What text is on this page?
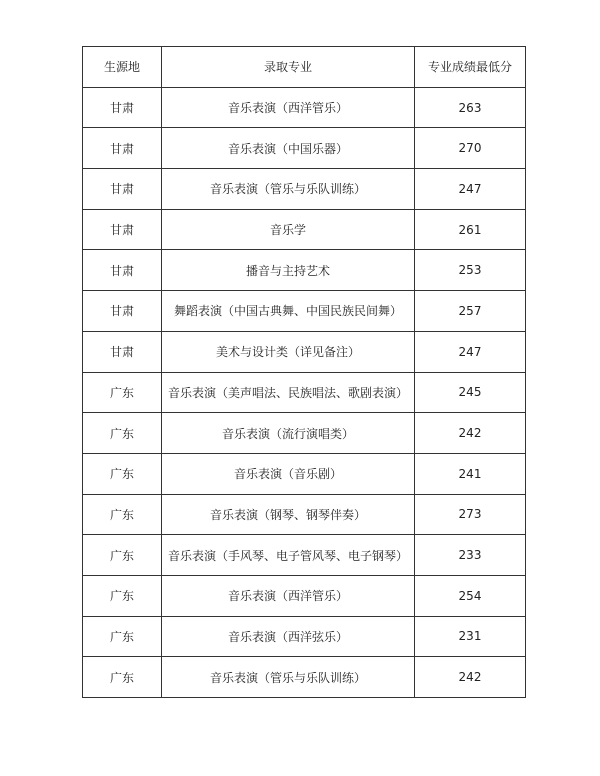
生源地	录取专业	专业成绩最低分
甘肃	音乐表演（西洋管乐）	263
甘肃	音乐表演（中国乐器）	270
甘肃	音乐表演（管乐与乐队训练）	247
甘肃	音乐学	261
甘肃	播音与主持艺术	253
甘肃	舞蹈表演（中国古典舞、中国民族民间舞）	257
甘肃	美术与设计类（详见备注）	247
广东	音乐表演（美声唱法、民族唱法、歌剧表演）	245
广东	音乐表演（流行演唱类）	242
广东	音乐表演（音乐剧）	241
广东	音乐表演（钢琴、钢琴伴奏）	273
广东	音乐表演（手风琴、电子管风琴、电子钢琴）	233
广东	音乐表演（西洋管乐）	254
广东	音乐表演（西洋弦乐）	231
广东	音乐表演（管乐与乐队训练）	242
